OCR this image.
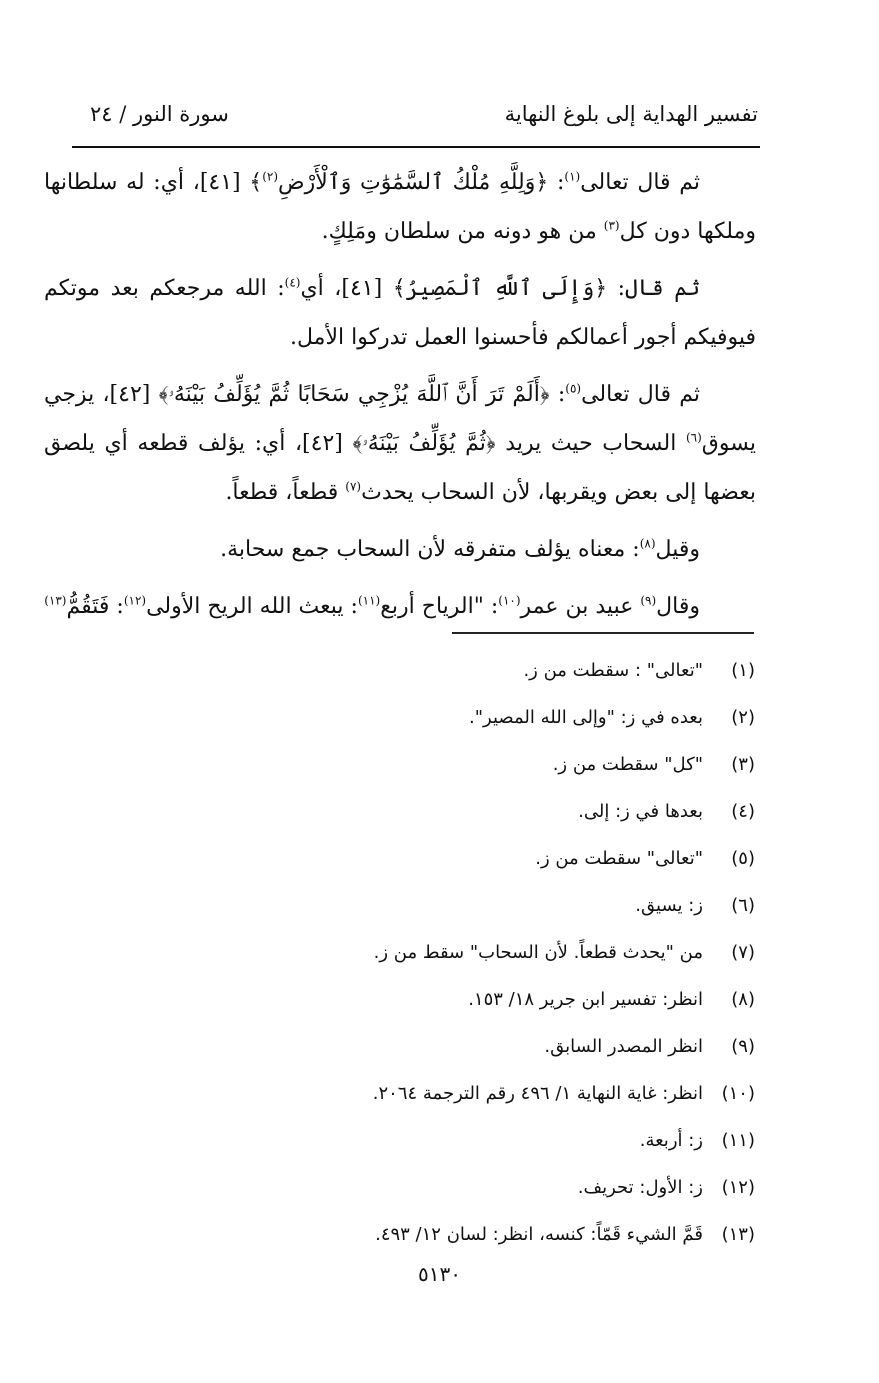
تفسير الهداية إلى بلوغ النهاية
سورة النور / ٢٤

ثم قال تعالى$^{(١)}$: ﴿وَلِلَّهِ مُلْكُ ٱلسَّمَٰوَٰتِ وَٱلْأَرْضِ$^{(٢)}$﴾ [٤١]، أي: له سلطانها وملكها دون كل$^{(٣)}$ من هو دونه من سلطان ومَلِكٍ.

ثم قال: ﴿وَإِلَى ٱللَّهِ ٱلْمَصِيرُ﴾ [٤١]، أي$^{(٤)}$: الله مرجعكم بعد موتكم فيوفيكم أجور أعمالكم فأحسنوا العمل تدركوا الأمل.

ثم قال تعالى$^{(٥)}$: ﴿أَلَمْ تَرَ أَنَّ ٱللَّهَ يُزْجِي سَحَابًا ثُمَّ يُؤَلِّفُ بَيْنَهُۥ﴾ [٤٢]، يزجي يسوق$^{(٦)}$ السحاب حيث يريد ﴿ثُمَّ يُؤَلِّفُ بَيْنَهُۥ﴾ [٤٢]، أي: يؤلف قطعه أي يلصق بعضها إلى بعض ويقربها، لأن السحاب يحدث$^{(٧)}$ قطعاً، قطعاً.

وقيل$^{(٨)}$: معناه يؤلف متفرقه لأن السحاب جمع سحابة.

وقال$^{(٩)}$ عبيد بن عمر$^{(١٠)}$: "الرياح أربع$^{(١١)}$: يبعث الله الريح الأولى$^{(١٢)}$: فَتَقُمُّ$^{(١٣)}$

(١)
"تعالى" : سقطت من ز.
(٢)
بعده في ز: "وإلى الله المصير".
(٣)
"كل" سقطت من ز.
(٤)
بعدها في ز: إلى.
(٥)
"تعالى" سقطت من ز.
(٦)
ز: يسيق.
(٧)
من "يحدث قطعاً. لأن السحاب" سقط من ز.
(٨)
انظر: تفسير ابن جرير ١٨/ ١٥٣.
(٩)
انظر المصدر السابق.
(١٠)
انظر: غاية النهاية ١/ ٤٩٦ رقم الترجمة ٢٠٦٤.
(١١)
ز: أربعة.
(١٢)
ز: الأول: تحريف.
(١٣)
قَمَّ الشيء قَمّاً: كنسه، انظر: لسان ١٢/ ٤٩٣.
٥١٣٠
